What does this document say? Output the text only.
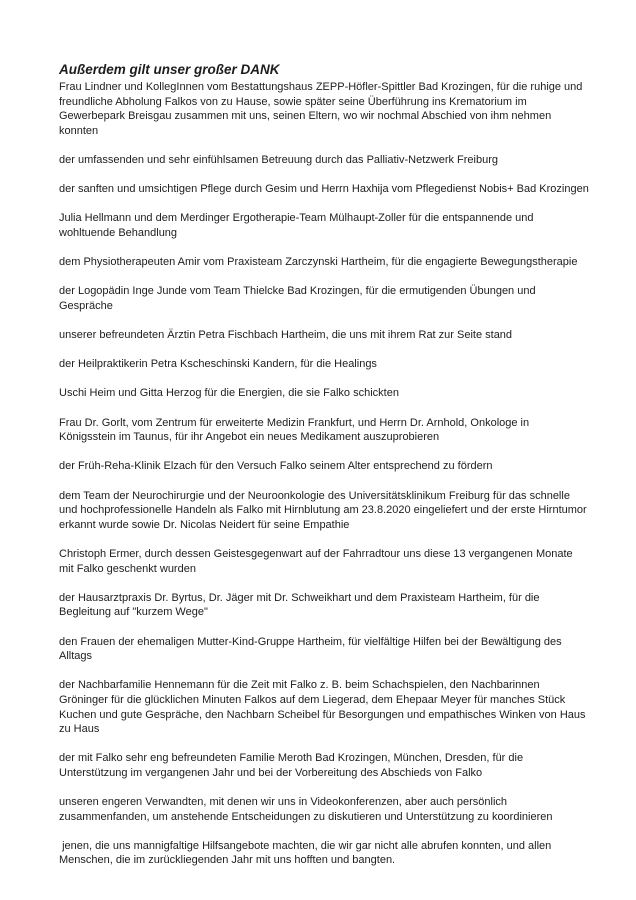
Außerdem gilt unser großer DANK

Frau Lindner und KollegInnen vom Bestattungshaus ZEPP-Höfler-Spittler Bad Krozingen, für die ruhige und freundliche Abholung Falkos von zu Hause, sowie später seine Überführung ins Krematorium im Gewerbepark Breisgau zusammen mit uns, seinen Eltern, wo wir nochmal Abschied von ihm nehmen konnten

der umfassenden und sehr einfühlsamen Betreuung durch das Palliativ-Netzwerk Freiburg

der sanften und umsichtigen Pflege durch Gesim und Herrn Haxhija vom Pflegedienst Nobis+ Bad Krozingen

Julia Hellmann und dem Merdinger Ergotherapie-Team Mülhaupt-Zoller für die entspannende und wohltuende Behandlung

dem Physiotherapeuten Amir vom Praxisteam Zarczynski Hartheim, für die engagierte Bewegungstherapie

der Logopädin Inge Junde vom Team Thielcke Bad Krozingen, für die ermutigenden Übungen und Gespräche

unserer befreundeten Ärztin Petra Fischbach Hartheim, die uns mit ihrem Rat zur Seite stand

der Heilpraktikerin Petra Kscheschinski Kandern, für die Healings

Uschi Heim und Gitta Herzog für die Energien, die sie Falko schickten

Frau Dr. Gorlt, vom Zentrum für erweiterte Medizin Frankfurt, und Herrn Dr. Arnhold, Onkologe in Königsstein im Taunus, für ihr Angebot ein neues Medikament auszuprobieren

der Früh-Reha-Klinik Elzach für den Versuch Falko seinem Alter entsprechend zu fördern

dem Team der Neurochirurgie und der Neuroonkologie des Universitätsklinikum Freiburg für das schnelle und hochprofessionelle Handeln als Falko mit Hirnblutung am 23.8.2020 eingeliefert und der erste Hirntumor erkannt wurde sowie Dr. Nicolas Neidert für seine Empathie

Christoph Ermer, durch dessen Geistesgegenwart auf der Fahrradtour uns diese 13 vergangenen Monate mit Falko geschenkt wurden

der Hausarztpraxis Dr. Byrtus, Dr. Jäger mit Dr. Schweikhart und dem Praxisteam Hartheim, für die Begleitung auf "kurzem Wege"

den Frauen der ehemaligen Mutter-Kind-Gruppe Hartheim, für vielfältige Hilfen bei der Bewältigung des Alltags

der Nachbarfamilie Hennemann für die Zeit mit Falko z. B. beim Schachspielen, den Nachbarinnen Gröninger für die glücklichen Minuten Falkos auf dem Liegerad, dem Ehepaar Meyer für manches Stück Kuchen und gute Gespräche, den Nachbarn Scheibel für Besorgungen und empathisches Winken von Haus zu Haus

der mit Falko sehr eng befreundeten Familie Meroth Bad Krozingen, München, Dresden, für die Unterstützung im vergangenen Jahr und bei der Vorbereitung des Abschieds von Falko

unseren engeren Verwandten, mit denen wir uns in Videokonferenzen, aber auch persönlich zusammenfanden, um anstehende Entscheidungen zu diskutieren und Unterstützung zu koordinieren

jenen, die uns mannigfaltige Hilfsangebote machten, die wir gar nicht alle abrufen konnten, und allen Menschen, die im zurückliegenden Jahr mit uns hofften und bangten.
